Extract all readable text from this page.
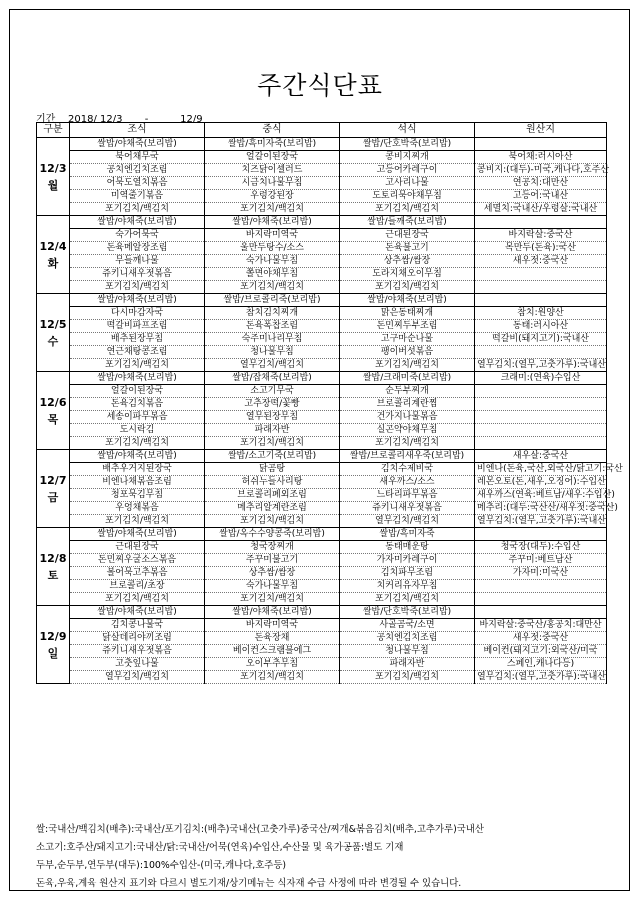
주간식단표
기간 2018/ 12/3 -	12/9
구분	조식	중식	석식	원산지

12/3
월	쌀밥/야채죽(보리밥)	쌀밥/흑미자죽(보리밥)	쌀밥/단호박죽(보리밥)	
	북어채무국	얼갈이된장국	콩비지찌개	북어채:러시아산
	공치엔김치조림	치즈닭이셀러드	고등어카레구이	콩비지:(대두)-미국,캐나다,호주산
	어묵도열치볶음	시금치나물무침	고사리나물	연공치:대만산
	미역줄기볶음	우렁강된장	도토리묵야채무침	고등어:국내산
	포기김치/백김치	포기김치/백김치	포기김치/백김치	세멸치:국내산/우렁살:국내산

12/4
화	쌀밥/야채죽(보리밥)	쌀밥/야채죽(보리밥)	쌀밥/들깨죽(보리밥)	
	숙가어묵국	바지락미역국	근대된장국	바지락살:중국산
	돈육메알장조림	울만두탕수/소스	돈육불고기	목만두(돈육):국산
	무들깨나물	숙가나물무침	상추쌈/쌈장	새우젓:중국산
	쥬키니새우젓볶음	쫄면야채무침	도라지채오이무침	
	포기김치/백김치	포기김치/백김치	포기김치/백김치	

12/5
수	쌀밥/야채죽(보리밥)	쌀밥/브로콜리죽(보리밥)	쌀밥/야채죽(보리밥)	
	다시마감자국	참치김치찌개	맑은동태찌개	참치:원양산
	떡갈비파프조림	돈육폭찹조림	돈민찌두부조림	동태:러시아산
	배추된장무침	숙주미나리무침	고구마순나물	떡갈비(돼지고기):국내산
	연근채탕콩조림	청나물무침	팽이버섯볶음	
	포기김치/백김치	열무김치/백김치	포기김치/백김치	열무김치:(열무,고춧가루):국내산

12/6
목	쌀밥/야채죽(보리밥)	쌀밥/잡채죽(보리밥)	쌀밥/크래미죽(보리밥)	크래미:(연육)수입산
	얼갈이된장국	소고기무국	순두부찌개	
	돈육김치볶음	고추장떡/꽃빵	브로콜리계란찜	
	세송이파무볶음	열무된장무침	건가지나물볶음	
	도시락김	파래자반	실곤약야채무침	
	포기김치/백김치	포기김치/백김치	포기김치/백김치	

12/7
금	쌀밥/야채죽(보리밥)	쌀밥/소고기죽(보리밥)	쌀밥/브로콜리새우죽(보리밥)	새우살:중국산
	배추우거지된장국	닭곰탕	김치수제비국	비엔나(돈육,국산,외국산/닭고기:국산
	비엔나채볶음조림	허쉬누들사리탕	새우까스/소스	레몬오토(돈,새우,오징어):수입산
	청포묵김무침	브로콜리폐외조림	느타리파무볶음	새우까스(연육:베트남/새우:수입산)
	우엉채볶음	메추리알계란조림	쥬키니새우젓볶음	메추리:(대두:국산산/새우젓:중국산)
	포기김치/백김치	포기김치/백김치	열무김치/백김치	열무김치:(열무,고춧가루):국내산

12/8
토	쌀밥/야채죽(보리밥)	쌀밥/옥수수양콩죽(보리밥)	쌀밥/흑미자죽	
	근대된장국	청국장찌개	동태매운탕	청국장(대두):수입산
	돈민찌우굴소스볶음	주꾸미불고기	가자미카레구이	주꾸미:베트남산
	볼어묵고추볶음	상추쌈/쌈장	김치파무조림	가자미:미국산
	브로콜리/초장	숙가나물무침	치커리유자무침	
	포기김치/백김치	포기김치/백김치	포기김치/백김치	

12/9
일	쌀밥/야채죽(보리밥)	쌀밥/야채죽(보리밥)	쌀밥/단호박죽(보리밥)	
	김치콩나물국	바지락미역국	사골곰국/소면	바지락살:중국산/홍공치:대만산
	닭살데리야끼조림	돈육장채	공치엔김치조림	새우젓:중국산
	쥬키니새우젓볶음	베이컨스크램블에그	청나물무침	베이컨(돼지고기:외국산/미국
	고춧잎나물	오이부추무침	파래자반	스페인,캐나다등)
	열무김치/백김치	포기김치/백김치	포기김치/백김치	열무김치:(열무,고춧가루):국내산
쌀:국내산/백김치(배추):국내산/포기김치:(배추)국내산(고춧가루)중국산/찌개&볶음김치(배추,고추가루)국내산
소고기:호주산/돼지고기:국내산/닭:국내산/어묵(연육)수입산,수산물 및 육가공품:별도 기재
두부,순두부,연두부(대두):100%수입산-(미국,캐나다,호주등)
돈육,우육,계육 원산지 표기와 다르시 별도기재/상기메뉴는 식자재 수급 사정에 따라 변경될 수 있습니다.
